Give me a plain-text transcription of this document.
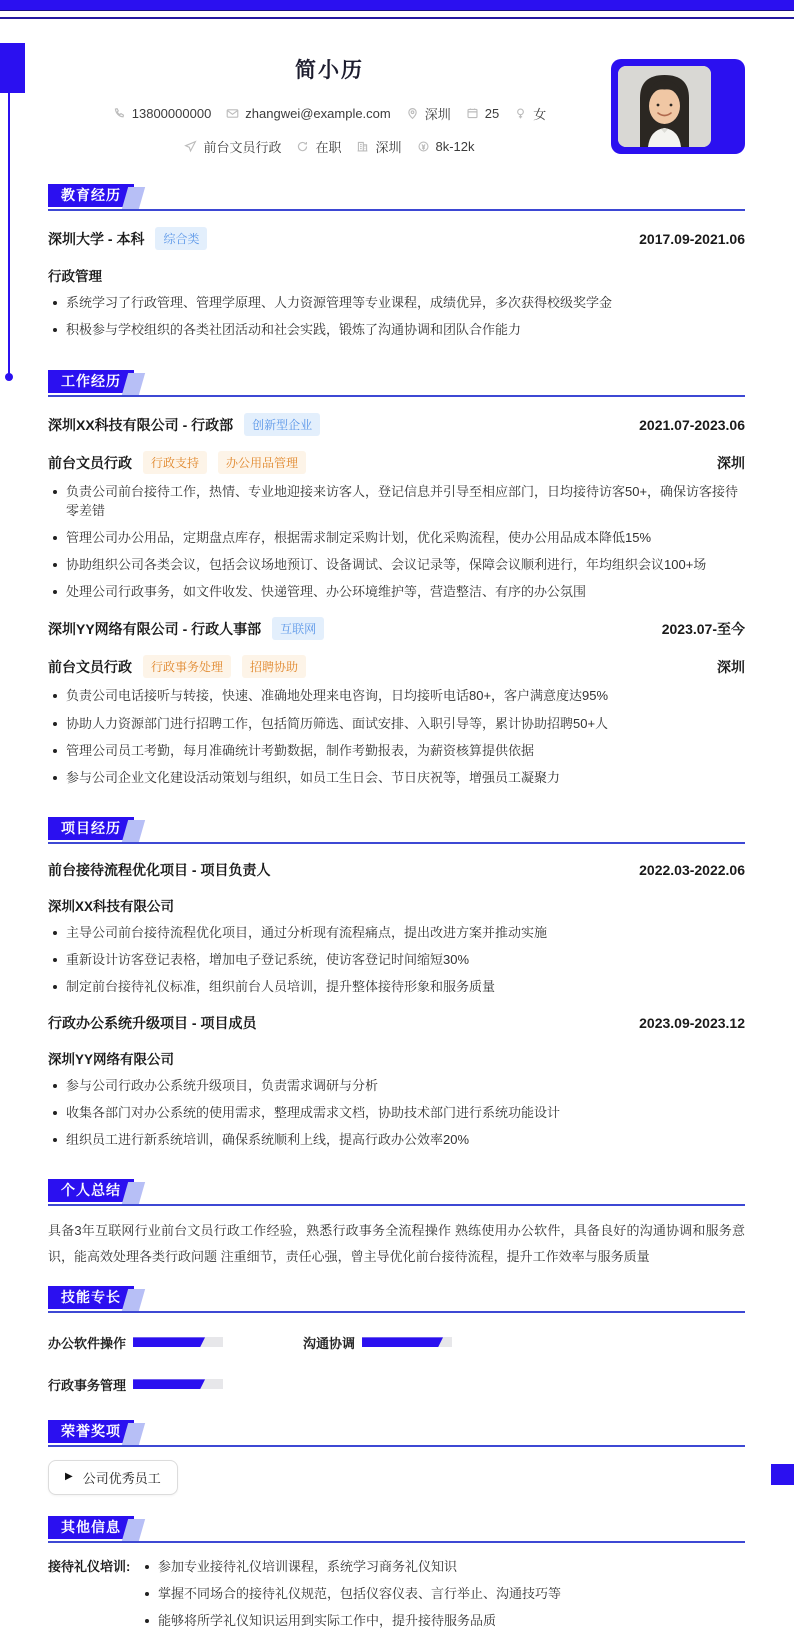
简小历
13800000000	zhangwei@example.com	深圳	25	女
前台文员行政	在职	深圳	8k-12k
教育经历
深圳大学 - 本科	综合类	2017.09-2021.06
行政管理
系统学习了行政管理、管理学原理、人力资源管理等专业课程，成绩优异，多次获得校级奖学金
积极参与学校组织的各类社团活动和社会实践，锻炼了沟通协调和团队合作能力
工作经历
深圳XX科技有限公司 - 行政部	创新型企业	2021.07-2023.06
前台文员行政	行政支持	办公用品管理	深圳
负责公司前台接待工作，热情、专业地迎接来访客人，登记信息并引导至相应部门，日均接待访客50+，确保访客接待零差错
管理公司办公用品，定期盘点库存，根据需求制定采购计划，优化采购流程，使办公用品成本降低15%
协助组织公司各类会议，包括会议场地预订、设备调试、会议记录等，保障会议顺利进行，年均组织会议100+场
处理公司行政事务，如文件收发、快递管理、办公环境维护等，营造整洁、有序的办公氛围
深圳YY网络有限公司 - 行政人事部	互联网	2023.07-至今
前台文员行政	行政事务处理	招聘协助	深圳
负责公司电话接听与转接，快速、准确地处理来电咨询，日均接听电话80+，客户满意度达95%
协助人力资源部门进行招聘工作，包括简历筛选、面试安排、入职引导等，累计协助招聘50+人
管理公司员工考勤，每月准确统计考勤数据，制作考勤报表，为薪资核算提供依据
参与公司企业文化建设活动策划与组织，如员工生日会、节日庆祝等，增强员工凝聚力
项目经历
前台接待流程优化项目 - 项目负责人	2022.03-2022.06
深圳XX科技有限公司
主导公司前台接待流程优化项目，通过分析现有流程痛点，提出改进方案并推动实施
重新设计访客登记表格，增加电子登记系统，使访客登记时间缩短30%
制定前台接待礼仪标准，组织前台人员培训，提升整体接待形象和服务质量
行政办公系统升级项目 - 项目成员	2023.09-2023.12
深圳YY网络有限公司
参与公司行政办公系统升级项目，负责需求调研与分析
收集各部门对办公系统的使用需求，整理成需求文档，协助技术部门进行系统功能设计
组织员工进行新系统培训，确保系统顺利上线，提高行政办公效率20%
个人总结

具备3年互联网行业前台文员行政工作经验，熟悉行政事务全流程操作 熟练使用办公软件，具备良好的沟通协调和服务意识，能高效处理各类行政问题 注重细节，责任心强，曾主导优化前台接待流程，提升工作效率与服务质量

技能专长
办公软件操作	沟通协调
行政事务管理
荣誉奖项
▶ 公司优秀员工
其他信息
接待礼仪培训:	参加专业接待礼仪培训课程，系统学习商务礼仪知识
掌握不同场合的接待礼仪规范，包括仪容仪表、言行举止、沟通技巧等
能够将所学礼仪知识运用到实际工作中，提升接待服务品质
